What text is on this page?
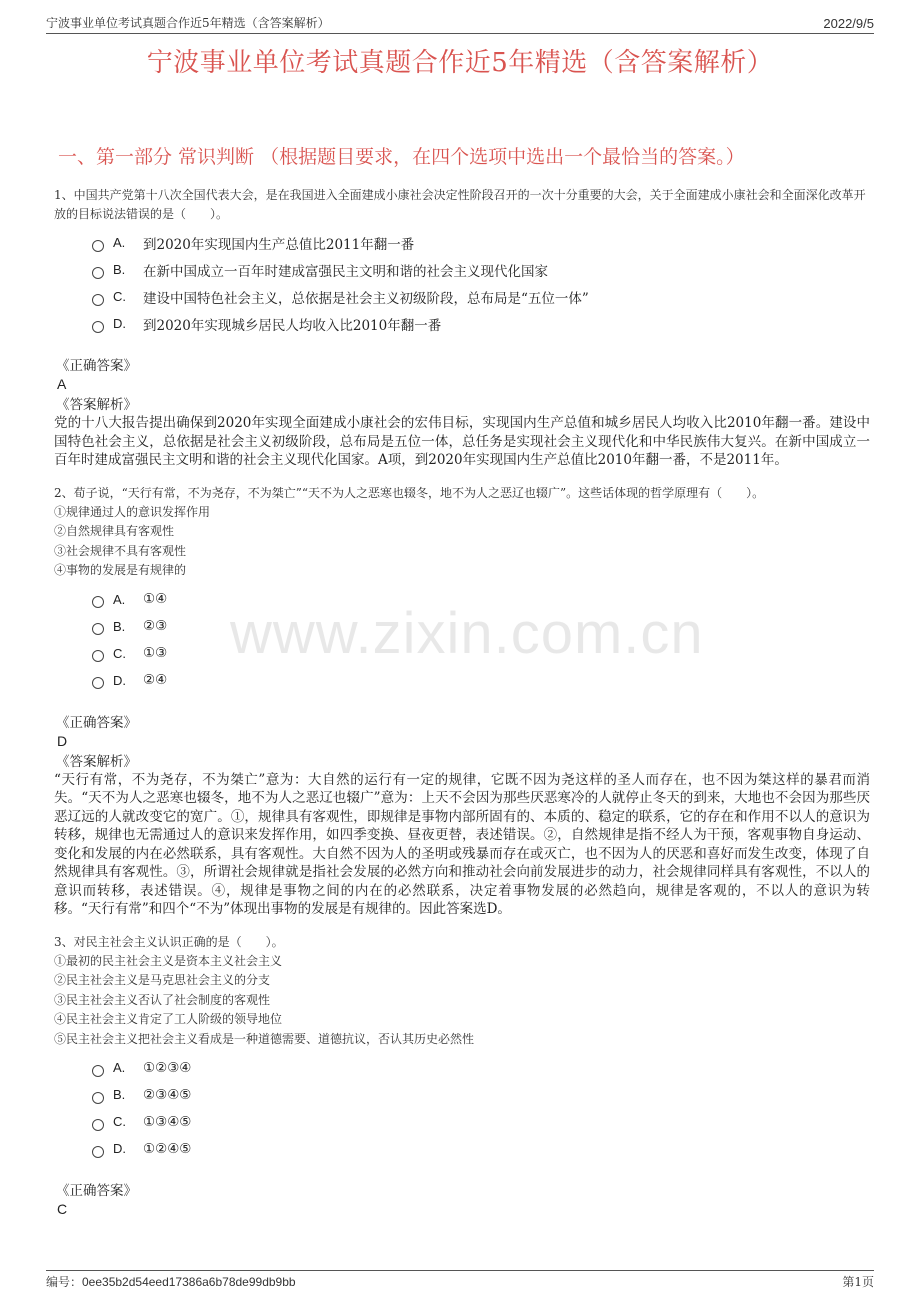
宁波事业单位考试真题合作近5年精选（含答案解析）	2022/9/5
宁波事业单位考试真题合作近5年精选（含答案解析）
一、第一部分 常识判断 （根据题目要求，在四个选项中选出一个最恰当的答案。）
www.zixin.com.cn
1、中国共产党第十八次全国代表大会，是在我国进入全面建成小康社会决定性阶段召开的一次十分重要的大会，关于全面建成小康社会和全面深化改革开放的目标说法错误的是（　　）。
A.	到2020年实现国内生产总值比2011年翻一番
B.	在新中国成立一百年时建成富强民主文明和谐的社会主义现代化国家
C.	建设中国特色社会主义，总依据是社会主义初级阶段，总布局是“五位一体”
D.	到2020年实现城乡居民人均收入比2010年翻一番
《正确答案》
A
《答案解析》
党的十八大报告提出确保到2020年实现全面建成小康社会的宏伟目标，实现国内生产总值和城乡居民人均收入比2010年翻一番。建设中国特色社会主义，总依据是社会主义初级阶段，总布局是五位一体，总任务是实现社会主义现代化和中华民族伟大复兴。在新中国成立一百年时建成富强民主文明和谐的社会主义现代化国家。A项，到2020年实现国内生产总值比2010年翻一番，不是2011年。
2、荀子说，“天行有常，不为尧存，不为桀亡”“天不为人之恶寒也辍冬，地不为人之恶辽也辍广”。这些话体现的哲学原理有（　　）。
①规律通过人的意识发挥作用
②自然规律具有客观性
③社会规律不具有客观性
④事物的发展是有规律的
A.	①④
B.	②③
C.	①③
D.	②④
《正确答案》
D
《答案解析》
“天行有常，不为尧存，不为桀亡”意为：大自然的运行有一定的规律，它既不因为尧这样的圣人而存在，也不因为桀这样的暴君而消失。“天不为人之恶寒也辍冬，地不为人之恶辽也辍广”意为：上天不会因为那些厌恶寒冷的人就停止冬天的到来，大地也不会因为那些厌恶辽远的人就改变它的宽广。①，规律具有客观性，即规律是事物内部所固有的、本质的、稳定的联系，它的存在和作用不以人的意识为转移，规律也无需通过人的意识来发挥作用，如四季变换、昼夜更替，表述错误。②，自然规律是指不经人为干预，客观事物自身运动、变化和发展的内在必然联系，具有客观性。大自然不因为人的圣明或残暴而存在或灭亡，也不因为人的厌恶和喜好而发生改变，体现了自然规律具有客观性。③，所谓社会规律就是指社会发展的必然方向和推动社会向前发展进步的动力，社会规律同样具有客观性，不以人的意识而转移，表述错误。④，规律是事物之间的内在的必然联系，决定着事物发展的必然趋向，规律是客观的，不以人的意识为转移。“天行有常”和四个“不为”体现出事物的发展是有规律的。因此答案选D。
3、对民主社会主义认识正确的是（　　）。
①最初的民主社会主义是资本主义社会主义
②民主社会主义是马克思社会主义的分支
③民主社会主义否认了社会制度的客观性
④民主社会主义肯定了工人阶级的领导地位
⑤民主社会主义把社会主义看成是一种道德需要、道德抗议，否认其历史必然性
A.	①②③④
B.	②③④⑤
C.	①③④⑤
D.	①②④⑤
《正确答案》
C
编号：0ee35b2d54eed17386a6b78de99db9bb	第1页
